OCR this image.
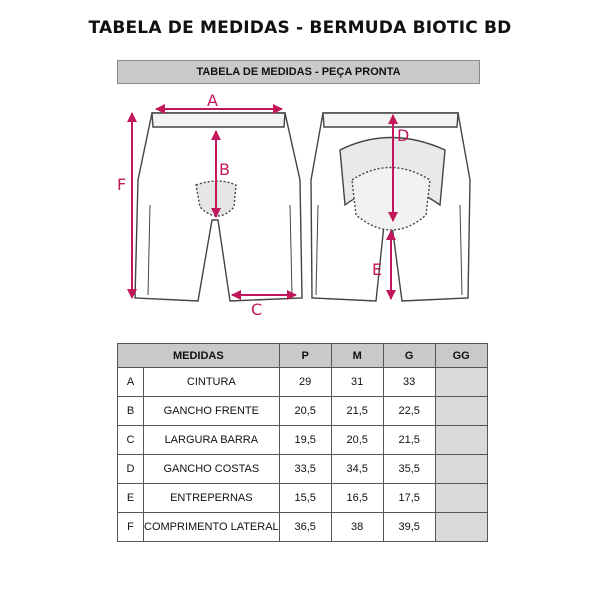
TABELA DE MEDIDAS - BERMUDA BIOTIC BD
TABELA DE MEDIDAS - PEÇA PRONTA
A
B
C
D
E
F
MEDIDAS		P	M	G	GG
A	CINTURA	29	31	33	
B	GANCHO FRENTE	20,5	21,5	22,5	
C	LARGURA BARRA	19,5	20,5	21,5	
D	GANCHO COSTAS	33,5	34,5	35,5	
E	ENTREPERNAS	15,5	16,5	17,5	
F	COMPRIMENTO LATERAL	36,5	38	39,5	
